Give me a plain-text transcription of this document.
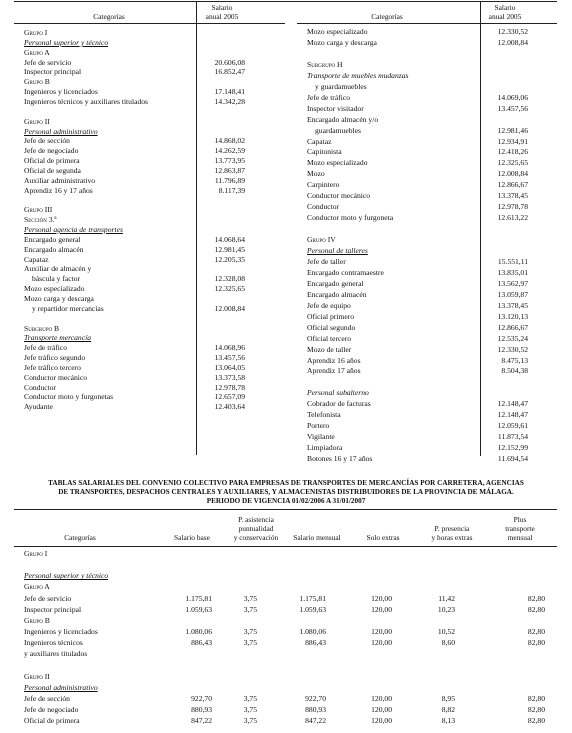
Categorías
Salario
anual 2005
Grupo I
Personal superior y técnico
Grupo A
Jefe de servicio	20.606,08
Inspector principal	16.852,47
Grupo B
Ingenieros y licenciados	17.148,41
Ingenieros técnicos y auxiliares titulados	14.342,28
Grupo II
Personal administrativo
Jefe de sección	14.868,02
Jefe de negociado	14.262,59
Oficial de primera	13.773,95
Oficial de segunda	12.863,87
Auxiliar administrativo	11.796,89
Aprendiz 16 y 17 años	8.117,39
Grupo III
Sección 3.ª
Personal agencia de transportes
Encargado general	14.068,64
Encargado almacén	12.981,45
Capataz	12.205,35
Auxiliar de almacén y
báscula y factor	12.328,08
Mozo especializado	12.325,65
Mozo carga y descarga
y repartidor mercancías	12.008,84
Subgrupo B
Transporte mercancía
Jefe de tráfico	14.068,96
Jefe tráfico segundo	13.457,56
Jefe tráfico tercero	13.064,05
Conductor mecánico	13.373,58
Conductor	12.978,78
Conductor moto y furgonetas	12.657,09
Ayudante	12.403,64
Categorías
Salario
anual 2005
Mozo especializado	12.330,52
Mozo carga y descarga	12.008,84
Subgrupo H
Transporte de muebles mudanzas
y guardamuebles
Jefe de tráfico	14.069,06
Inspector visitador	13.457,56
Encargado almacén y/o
guardamuebles	12.981,46
Capataz	12.934,91
Capitonista	12.418,26
Mozo especializado	12.325,65
Mozo	12.008,84
Carpintero	12.866,67
Conductor mecánico	13.378,45
Conductor	12.978,78
Conductor moto y furgoneta	12.613,22
Grupo IV
Personal de talleres
Jefe de taller	15.551,11
Encargado contramaestre	13.835,01
Encargado general	13.562,97
Encargado almacén	13.059,87
Jefe de equipo	13.378,45
Oficial primero	13.120,13
Oficial segundo	12.866,67
Oficial tercero	12.535,24
Mozo de taller	12.330,52
Aprendiz 16 años	8.475,13
Aprendiz 17 años	8.504,38
Personal subalterno
Cobrador de facturas	12.148,47
Telefonista	12.148,47
Portero	12.059,61
Vigilante	11.873,54
Limpiadora	12.152,99
Botones 16 y 17 años	11.694,54
TABLAS SALARIALES DEL CONVENIO COLECTIVO PARA EMPRESAS DE TRANSPORTES DE MERCANCÍAS POR CARRETERA, AGENCIAS
DE TRANSPORTES, DESPACHOS CENTRALES Y AUXILIARES, Y ALMACENISTAS DISTRIBUIDORES DE LA PROVINCIA DE MÁLAGA.
PERIODO DE VIGENCIA 01/02/2006 A 31/01/2007
Categorías	Salario base
P. asistencia
puntualidad
y conservación	Salario mensual	Solo extras
P. presencia
y horas extras
Plus
transporte
mensual
Grupo I
Personal superior y técnico
Grupo A
Jefe de servicio	1.175,81	3,75	1.175,81	120,00	11,42	82,80
Inspector principal	1.059,63	3,75	1.059,63	120,00	10,23	82,80
Grupo B
Ingenieros y licenciados	1.080,06	3,75	1.080,06	120,00	10,52	82,80
Ingenieros técnicos	886,43	3,75	886,43	120,00	8,60	82,80
y auxiliares titulados
Grupo II
Personal administrativo
Jefe de sección	922,70	3,75	922,70	120,00	8,95	82,80
Jefe de negociado	880,93	3,75	880,93	120,00	8,82	82,80
Oficial de primera	847,22	3,75	847,22	120,00	8,13	82,80
